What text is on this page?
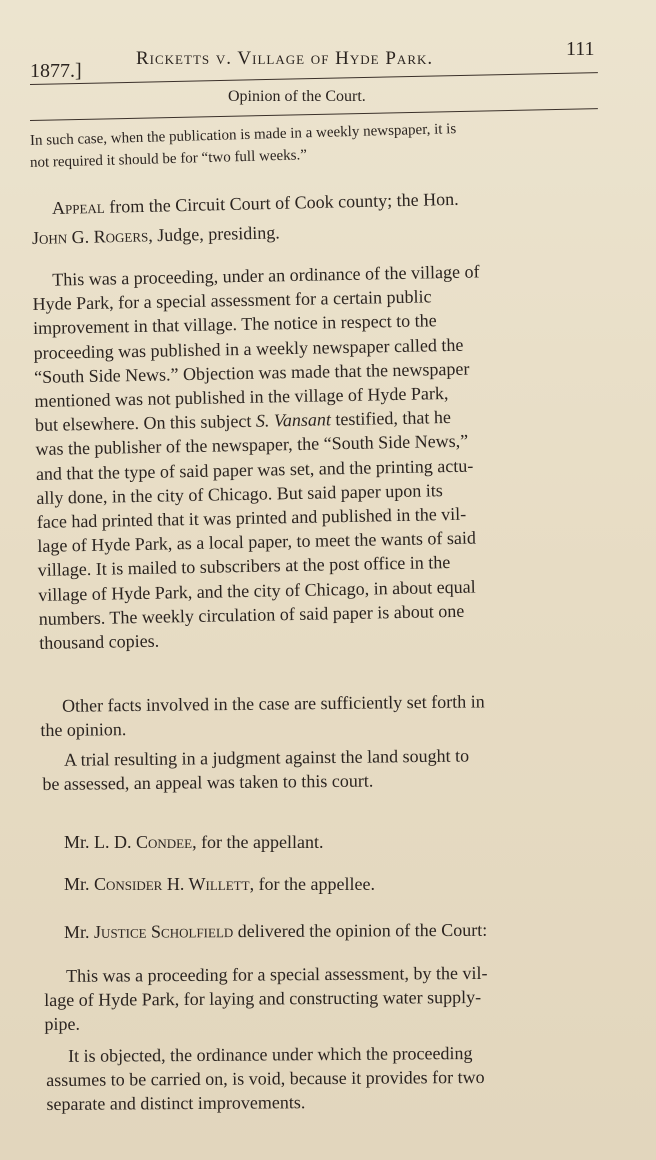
1877.]
Ricketts v. Village of Hyde Park.	111
Opinion of the Court.
In such case, when the publication is made in a weekly newspaper, it is
not required it should be for “two full weeks.”
Appeal from the Circuit Court of Cook county; the Hon.
John G. Rogers, Judge, presiding.
This was a proceeding, under an ordinance of the village of
Hyde Park, for a special assessment for a certain public
improvement in that village. The notice in respect to the
proceeding was published in a weekly newspaper called the
“South Side News.” Objection was made that the newspaper
mentioned was not published in the village of Hyde Park,
but elsewhere. On this subject S. Vansant testified, that he
was the publisher of the newspaper, the “South Side News,”
and that the type of said paper was set, and the printing actu-
ally done, in the city of Chicago. But said paper upon its
face had printed that it was printed and published in the vil-
lage of Hyde Park, as a local paper, to meet the wants of said
village. It is mailed to subscribers at the post office in the
village of Hyde Park, and the city of Chicago, in about equal
numbers. The weekly circulation of said paper is about one
thousand copies.
Other facts involved in the case are sufficiently set forth in
the opinion.
A trial resulting in a judgment against the land sought to
be assessed, an appeal was taken to this court.
Mr. L. D. Condee, for the appellant.
Mr. Consider H. Willett, for the appellee.
Mr. Justice Scholfield delivered the opinion of the Court:
This was a proceeding for a special assessment, by the vil-
lage of Hyde Park, for laying and constructing water supply-
pipe.
It is objected, the ordinance under which the proceeding
assumes to be carried on, is void, because it provides for two
separate and distinct improvements.
